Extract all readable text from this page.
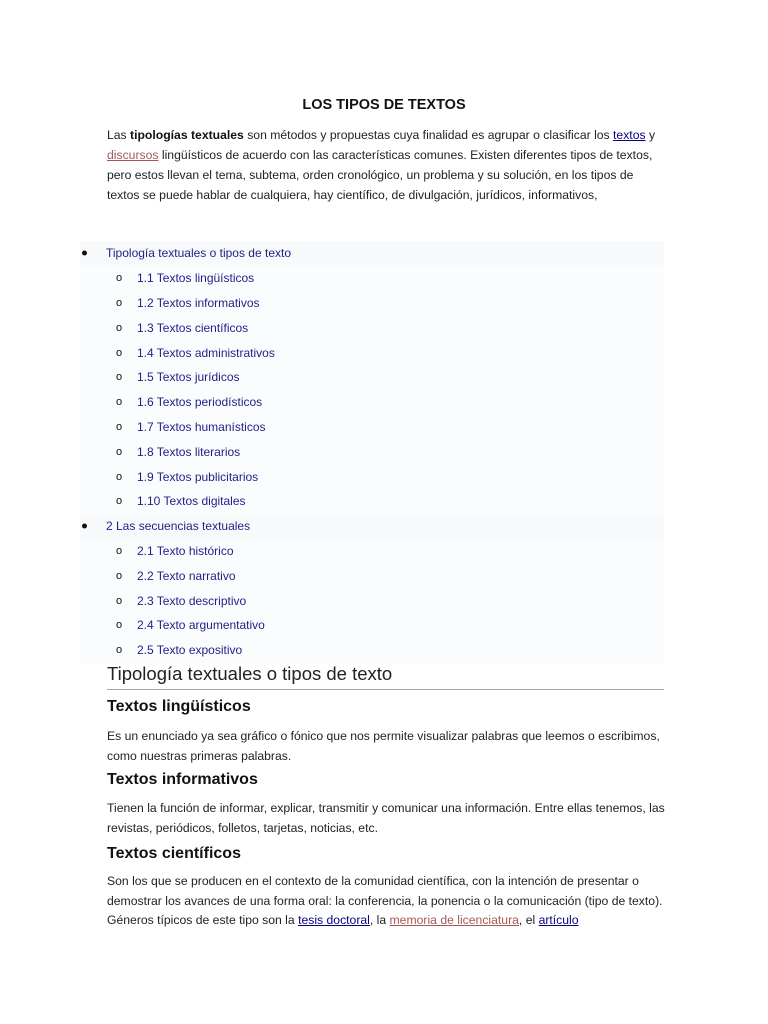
LOS TIPOS DE TEXTOS

Las tipologías textuales son métodos y propuestas cuya finalidad es agrupar o clasificar los textos y discursos lingüísticos de acuerdo con las características comunes. Existen diferentes tipos de textos, pero estos llevan el tema, subtema, orden cronológico, un problema y su solución, en los tipos de textos se puede hablar de cualquiera, hay científico, de divulgación, jurídicos, informativos,

Tipología textuales o tipos de texto
o 1.1 Textos lingüísticos
o 1.2 Textos informativos
o 1.3 Textos científicos
o 1.4 Textos administrativos
o 1.5 Textos jurídicos
o 1.6 Textos periodísticos
o 1.7 Textos humanísticos
o 1.8 Textos literarios
o 1.9 Textos publicitarios
o 1.10 Textos digitales
2 Las secuencias textuales
o 2.1 Texto histórico
o 2.2 Texto narrativo
o 2.3 Texto descriptivo
o 2.4 Texto argumentativo
o 2.5 Texto expositivo
Tipología textuales o tipos de texto
Textos lingüísticos

Es un enunciado ya sea gráfico o fónico que nos permite visualizar palabras que leemos o escribimos, como nuestras primeras palabras.

Textos informativos

Tienen la función de informar, explicar, transmitir y comunicar una información. Entre ellas tenemos, las revistas, periódicos, folletos, tarjetas, noticias, etc.

Textos científicos

Son los que se producen en el contexto de la comunidad científica, con la intención de presentar o demostrar los avances de una forma oral: la conferencia, la ponencia o la comunicación (tipo de texto). Géneros típicos de este tipo son la tesis doctoral, la memoria de licenciatura, el artículo
